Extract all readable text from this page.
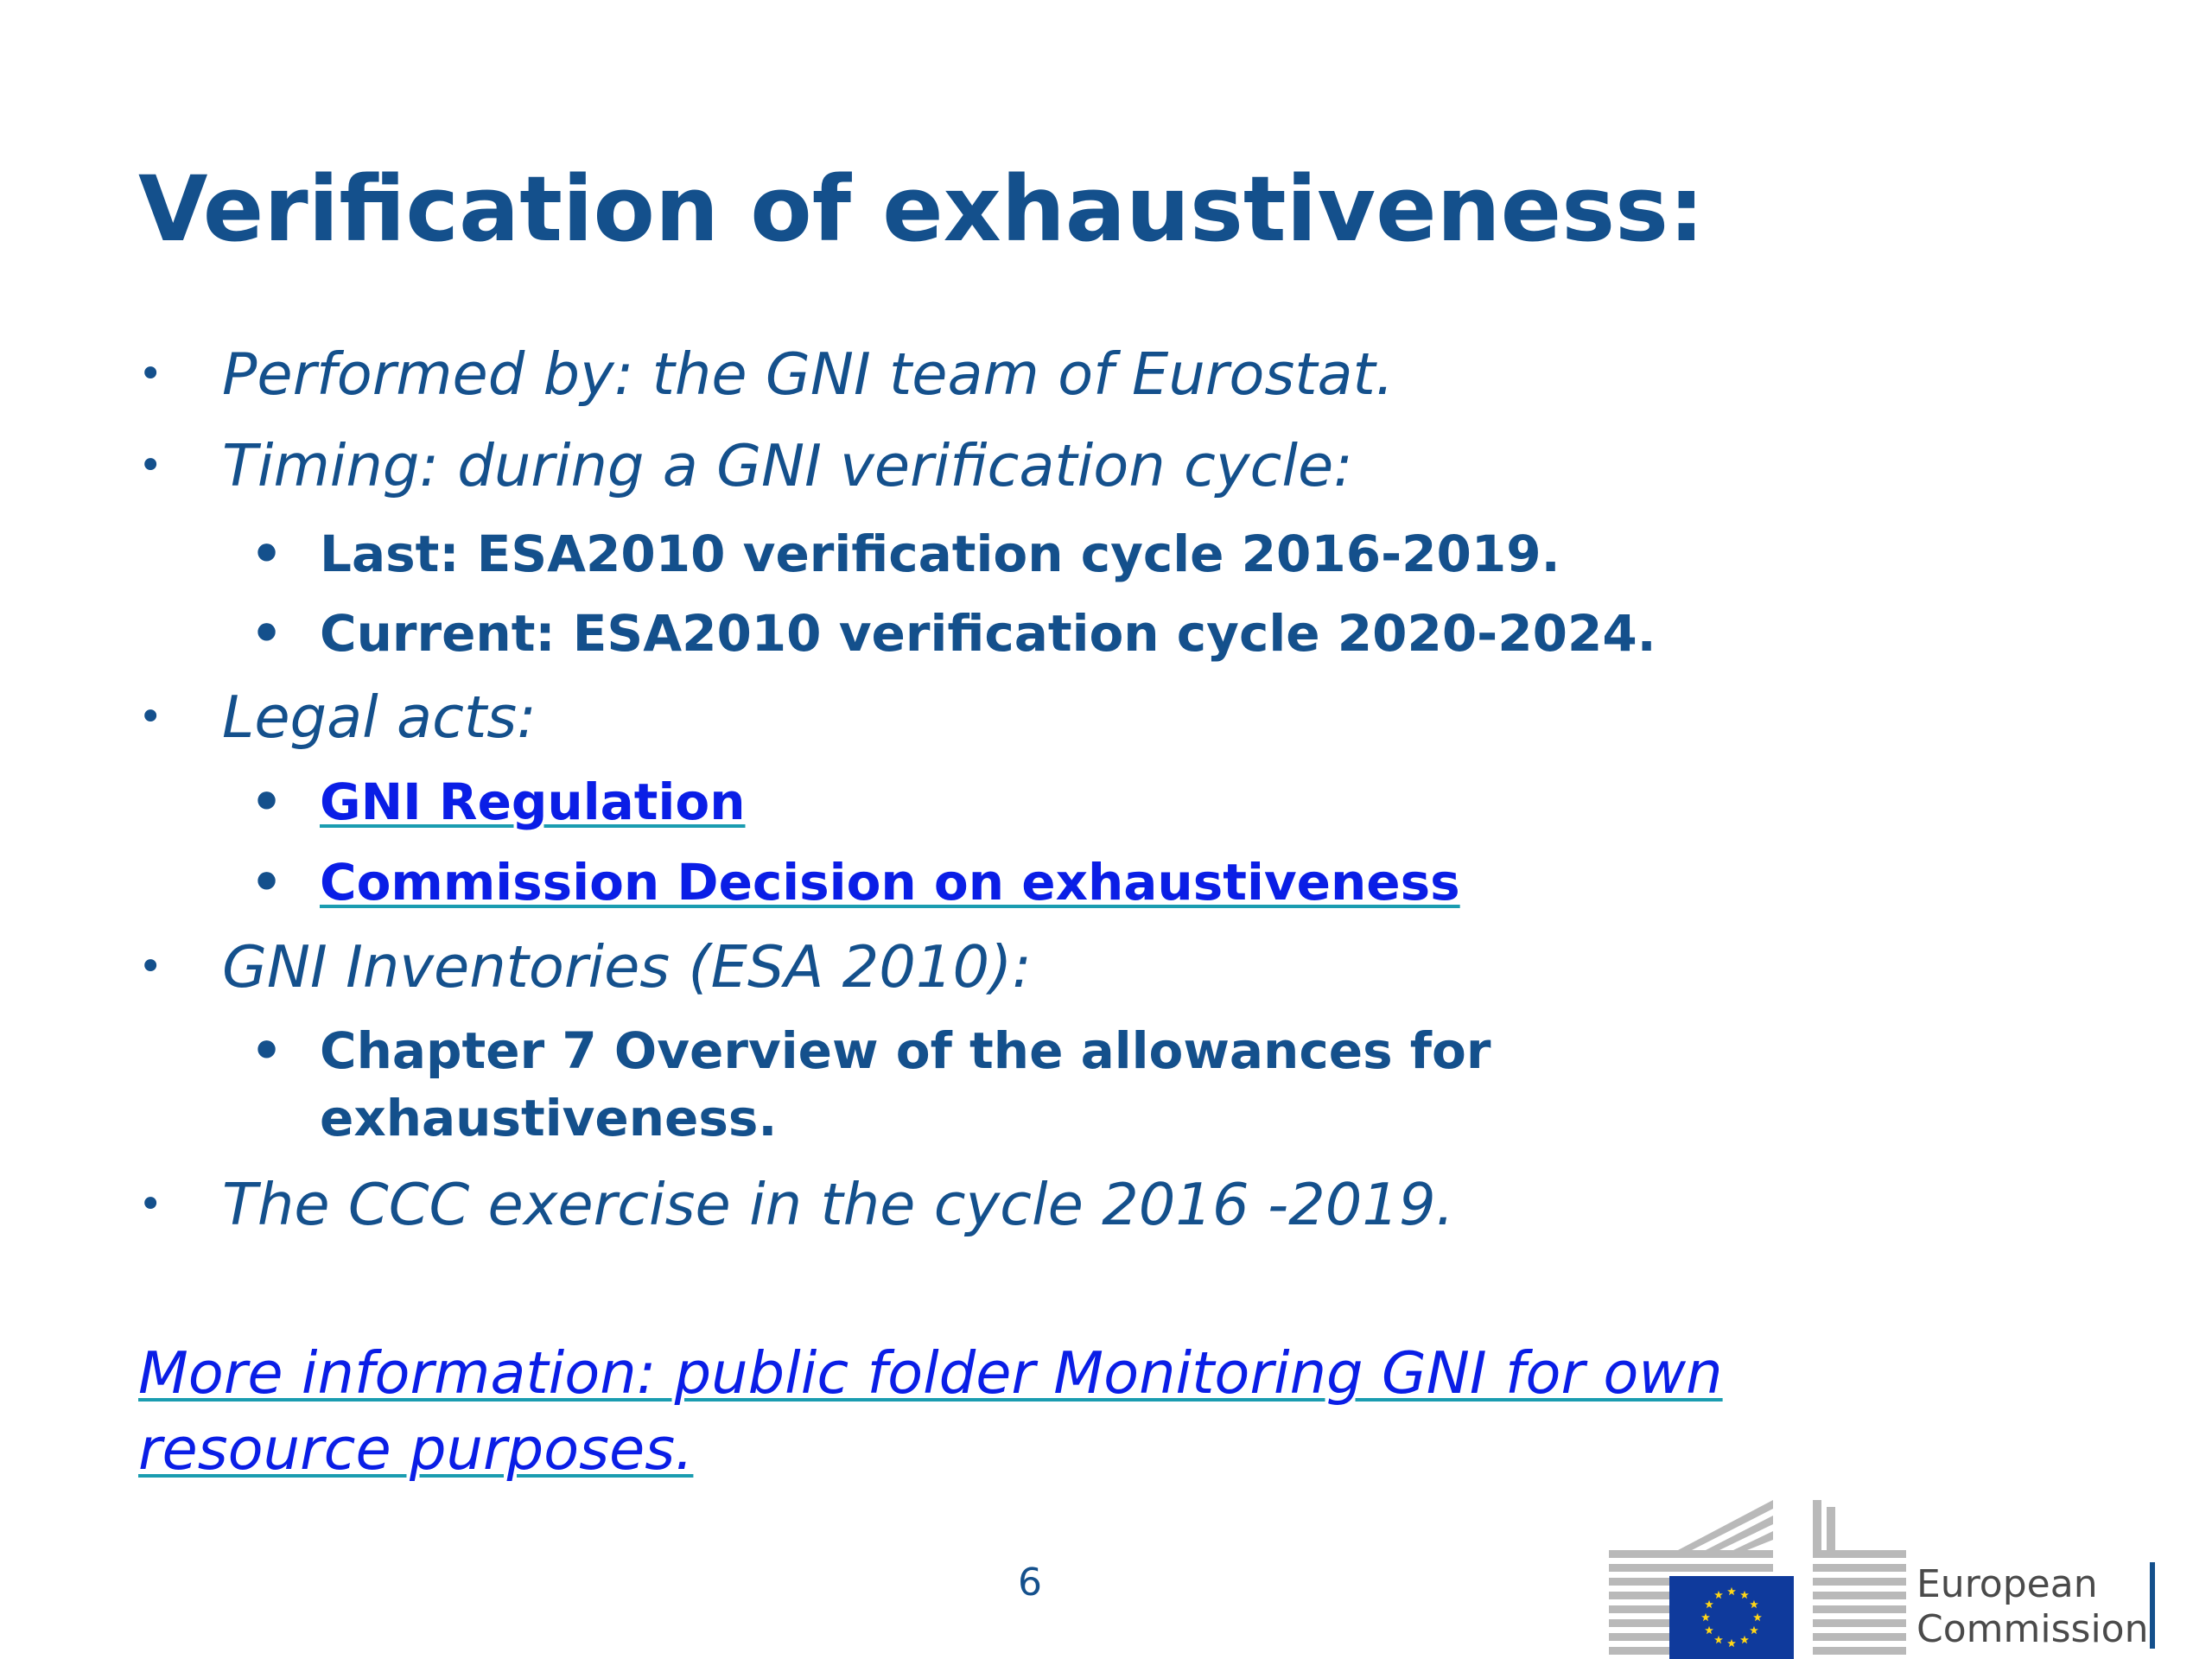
Verification of exhaustiveness:
• Performed by: the GNI team of Eurostat.
• Timing: during a GNI verification cycle:
• Last: ESA2010 verification cycle 2016-2019.
• Current: ESA2010 verification cycle 2020-2024.
• Legal acts:
• GNI Regulation
• Commission Decision on exhaustiveness
• GNI Inventories (ESA 2010):
• Chapter 7 Overview of the allowances for
exhaustiveness.
• The CCC exercise in the cycle 2016 -2019.
More information: public folder Monitoring GNI for own resource purposes.
6	European
Commission
